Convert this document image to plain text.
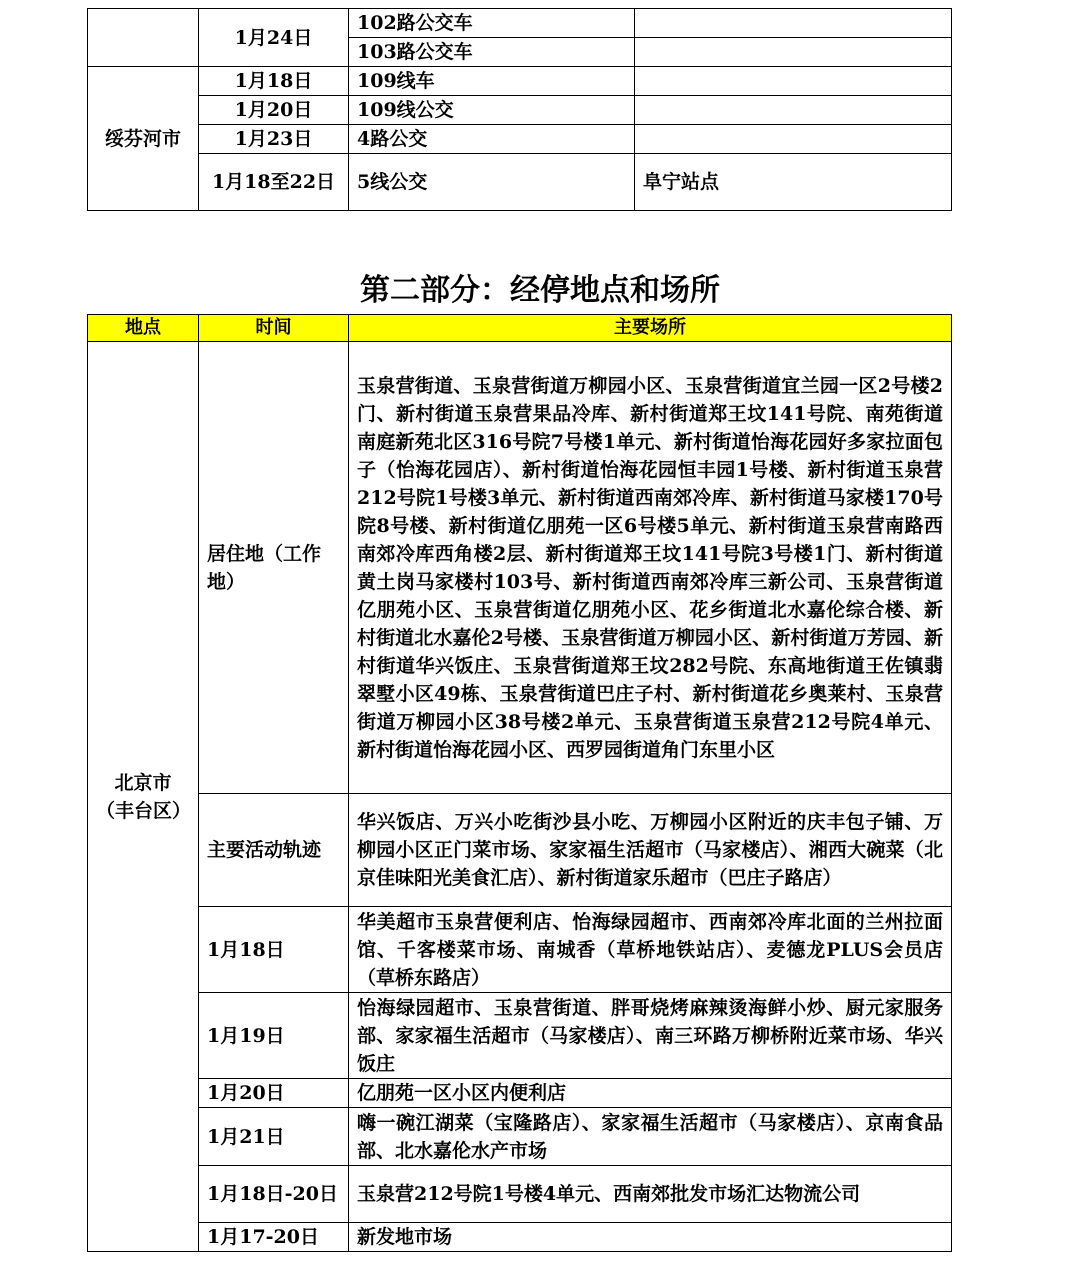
	1月24日	102路公交车	
		103路公交车	
绥芬河市	1月18日	109线车	
	1月20日	109线公交	
	1月23日	4路公交	
	1月18至22日	5线公交	阜宁站点
第二部分：经停地点和场所
地点	时间	主要场所
北京市（丰台区）	居住地（工作地）	玉泉营街道、玉泉营街道万柳园小区、玉泉营街道宜兰园一区2号楼2门、新村街道玉泉营果品冷库、新村街道郑王坟141号院、南苑街道南庭新苑北区316号院7号楼1单元、新村街道怡海花园好多家拉面包子（怡海花园店）、新村街道怡海花园恒丰园1号楼、新村街道玉泉营212号院1号楼3单元、新村街道西南郊冷库、新村街道马家楼170号院8号楼、新村街道亿朋苑一区6号楼5单元、新村街道玉泉营南路西南郊冷库西角楼2层、新村街道郑王坟141号院3号楼1门、新村街道黄土岗马家楼村103号、新村街道西南郊冷库三新公司、玉泉营街道亿朋苑小区、玉泉营街道亿朋苑小区、花乡街道北水嘉伦综合楼、新村街道北水嘉伦2号楼、玉泉营街道万柳园小区、新村街道万芳园、新村街道华兴饭庄、玉泉营街道郑王坟282号院、东高地街道王佐镇翡翠墅小区49栋、玉泉营街道巴庄子村、新村街道花乡奥莱村、玉泉营街道万柳园小区38号楼2单元、玉泉营街道玉泉营212号院4单元、新村街道怡海花园小区、西罗园街道角门东里小区
	主要活动轨迹	华兴饭店、万兴小吃街沙县小吃、万柳园小区附近的庆丰包子铺、万柳园小区正门菜市场、家家福生活超市（马家楼店）、湘西大碗菜（北京佳味阳光美食汇店）、新村街道家乐超市（巴庄子路店）
	1月18日	华美超市玉泉营便利店、怡海绿园超市、西南郊冷库北面的兰州拉面馆、千客楼菜市场、南城香（草桥地铁站店）、麦德龙PLUS会员店（草桥东路店）
	1月19日	怡海绿园超市、玉泉营街道、胖哥烧烤麻辣烫海鲜小炒、厨元家服务部、家家福生活超市（马家楼店）、南三环路万柳桥附近菜市场、华兴饭庄
	1月20日	亿朋苑一区小区内便利店
	1月21日	嗨一碗江湖菜（宝隆路店）、家家福生活超市（马家楼店）、京南食品部、北水嘉伦水产市场
	1月18日-20日	玉泉营212号院1号楼4单元、西南郊批发市场汇达物流公司
	1月17-20日	新发地市场
